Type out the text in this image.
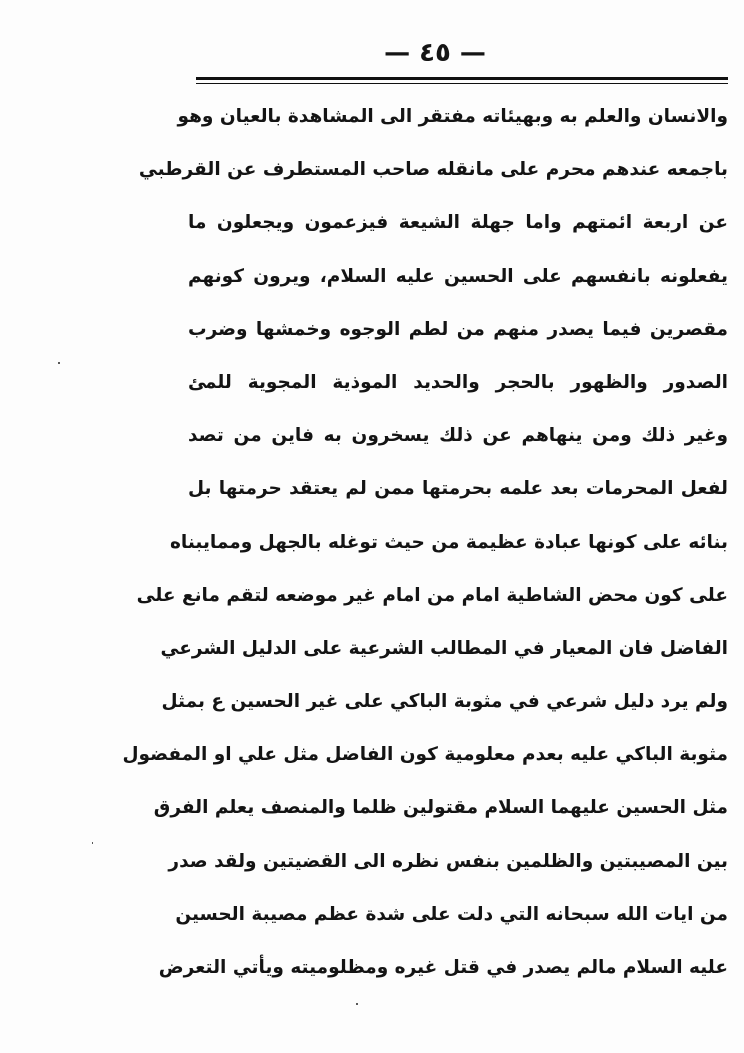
— ٤٥ —
والانسان والعلم به وبهيئاته مفتقر الى المشاهدة بالعيان وهو
باجمعه عندهم محرم على مانقله صاحب المستطرف عن القرطبي
عن اربعة ائمتهم واما جهلة الشيعة فيزعمون ويجعلون ما
يفعلونه بانفسهم على الحسين عليه السلام، ويرون كونهم
مقصرين فيما يصدر منهم من لطم الوجوه وخمشها وضرب
الصدور والظهور بالحجر والحديد الموذية المجوية للمئ
وغير ذلك ومن ينهاهم عن ذلك يسخرون به فاين من تصد
لفعل المحرمات بعد علمه بحرمتها ممن لم يعتقد حرمتها بل
بنائه على كونها عبادة عظيمة من حيث توغله بالجهل وممايبناه
على كون محض الشاطية امام من امام غير موضعه لتقم مانع على
الفاضل فان المعيار في المطالب الشرعية على الدليل الشرعي
ولم يرد دليل شرعي في مثوبة الباكي على غير الحسين ع بمثل
مثوبة الباكي عليه بعدم معلومية كون الفاضل مثل علي او المفضول
مثل الحسين عليهما السلام مقتولين ظلما والمنصف يعلم الفرق
بين المصيبتين والظلمين بنفس نظره الى القضيتين ولقد صدر
من ايات الله سبحانه التي دلت على شدة عظم مصيبة الحسين
عليه السلام مالم يصدر في قتل غيره ومظلوميته ويأتي التعرض
